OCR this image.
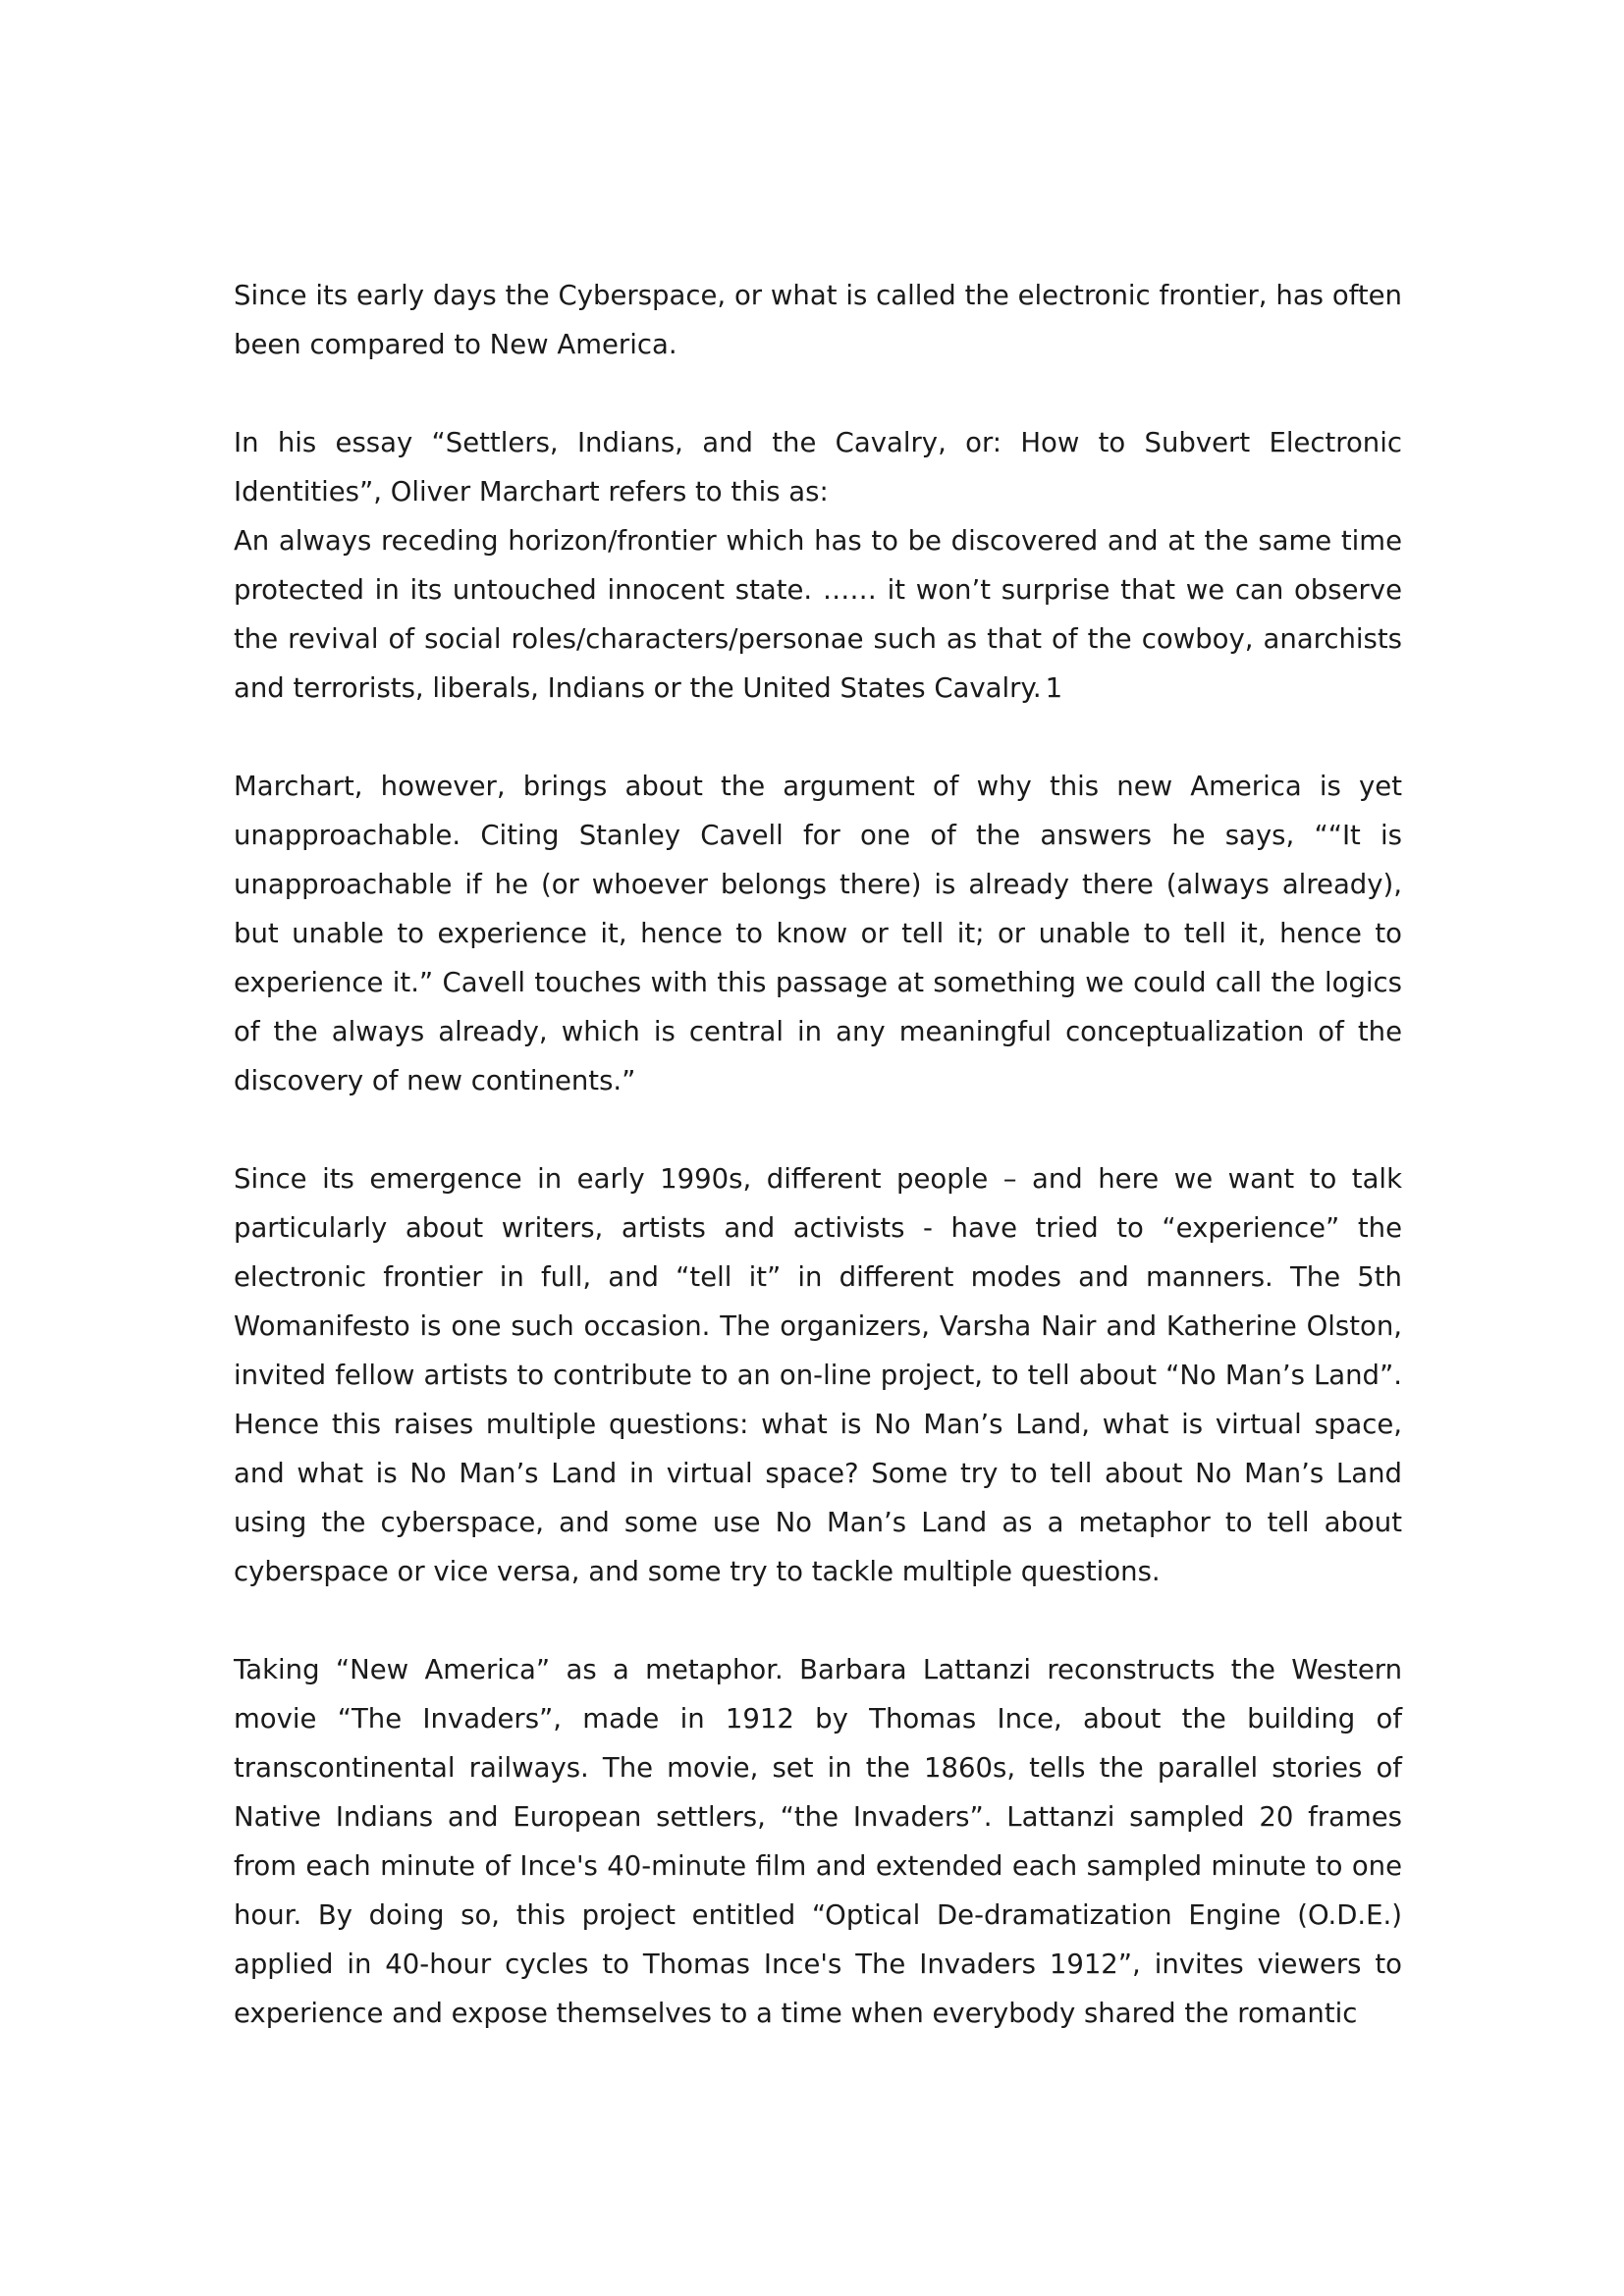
Since its early days the Cyberspace, or what is called the electronic frontier, has often been compared to New America.

In his essay “Settlers, Indians, and the Cavalry, or: How to Subvert Electronic Identities”, Oliver Marchart refers to this as:

An always receding horizon/frontier which has to be discovered and at the same time protected in its untouched innocent state. …… it won’t surprise that we can observe the revival of social roles/characters/personae such as that of the cowboy, anarchists and terrorists, liberals, Indians or the United States Cavalry. 1

Marchart, however, brings about the argument of why this new America is yet unapproachable. Citing Stanley Cavell for one of the answers he says, ““It is unapproachable if he (or whoever belongs there) is already there (always already), but unable to experience it, hence to know or tell it; or unable to tell it, hence to experience it.” Cavell touches with this passage at something we could call the logics of the always already, which is central in any meaningful conceptualization of the discovery of new continents.”

Since its emergence in early 1990s, different people – and here we want to talk particularly about writers, artists and activists - have tried to “experience” the electronic frontier in full, and “tell it” in different modes and manners. The 5th Womanifesto is one such occasion. The organizers, Varsha Nair and Katherine Olston, invited fellow artists to contribute to an on-line project, to tell about “No Man’s Land”. Hence this raises multiple questions: what is No Man’s Land, what is virtual space, and what is No Man’s Land in virtual space? Some try to tell about No Man’s Land using the cyberspace, and some use No Man’s Land as a metaphor to tell about cyberspace or vice versa, and some try to tackle multiple questions.

Taking “New America” as a metaphor. Barbara Lattanzi reconstructs the Western movie “The Invaders”, made in 1912 by Thomas Ince, about the building of transcontinental railways. The movie, set in the 1860s, tells the parallel stories of Native Indians and European settlers, “the Invaders”. Lattanzi sampled 20 frames from each minute of Ince's 40-minute film and extended each sampled minute to one hour. By doing so, this project entitled “Optical De-dramatization Engine (O.D.E.) applied in 40-hour cycles to Thomas Ince's The Invaders 1912”, invites viewers to experience and expose themselves to a time when everybody shared the romantic
